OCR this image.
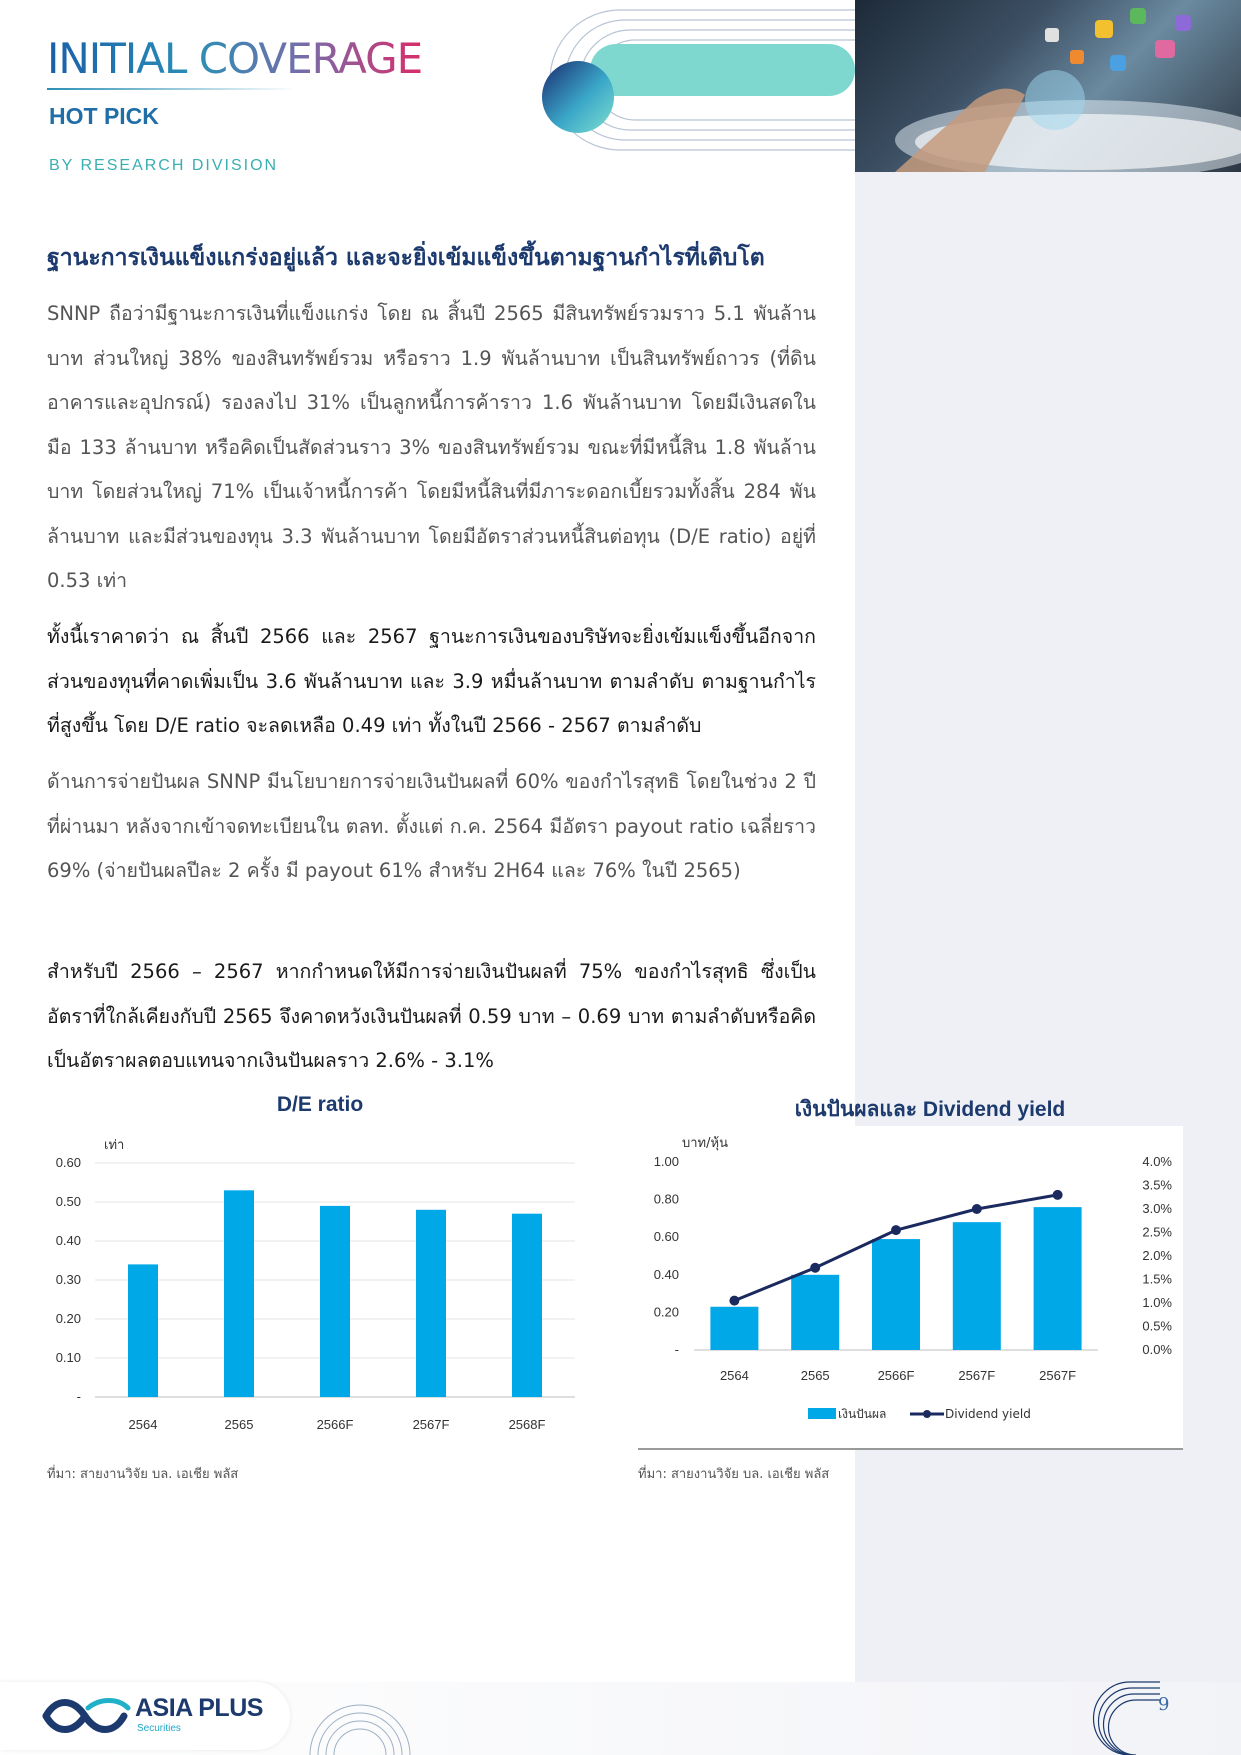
INITIAL COVERAGE
HOT PICK
BY RESEARCH DIVISION
ฐานะการเงินแข็งแกร่งอยู่แล้ว และจะยิ่งเข้มแข็งขึ้นตามฐานกำไรที่เติบโต

SNNP ถือว่ามีฐานะการเงินที่แข็งแกร่ง โดย ณ สิ้นปี 2565 มีสินทรัพย์รวมราว 5.1 พันล้านบาท ส่วนใหญ่ 38% ของสินทรัพย์รวม หรือราว 1.9 พันล้านบาท เป็นสินทรัพย์ถาวร (ที่ดิน อาคารและอุปกรณ์) รองลงไป 31% เป็นลูกหนี้การค้าราว 1.6 พันล้านบาท โดยมีเงินสดในมือ 133 ล้านบาท หรือคิดเป็นสัดส่วนราว 3% ของสินทรัพย์รวม ขณะที่มีหนี้สิน 1.8 พันล้านบาท โดยส่วนใหญ่ 71% เป็นเจ้าหนี้การค้า โดยมีหนี้สินที่มีภาระดอกเบี้ยรวมทั้งสิ้น 284 พันล้านบาท และมีส่วนของทุน 3.3 พันล้านบาท โดยมีอัตราส่วนหนี้สินต่อทุน (D/E ratio) อยู่ที่ 0.53 เท่า

ทั้งนี้เราคาดว่า ณ สิ้นปี 2566 และ 2567 ฐานะการเงินของบริษัทจะยิ่งเข้มแข็งขึ้นอีกจากส่วนของทุนที่คาดเพิ่มเป็น 3.6 พันล้านบาท และ 3.9 หมื่นล้านบาท ตามลำดับ ตามฐานกำไรที่สูงขึ้น โดย D/E ratio จะลดเหลือ 0.49 เท่า ทั้งในปี 2566 - 2567 ตามลำดับ

ด้านการจ่ายปันผล SNNP มีนโยบายการจ่ายเงินปันผลที่ 60% ของกำไรสุทธิ โดยในช่วง 2 ปีที่ผ่านมา หลังจากเข้าจดทะเบียนใน ตลท. ตั้งแต่ ก.ค. 2564 มีอัตรา payout ratio เฉลี่ยราว 69% (จ่ายปันผลปีละ 2 ครั้ง มี payout 61% สำหรับ 2H64 และ 76% ในปี 2565)

สำหรับปี 2566 – 2567 หากกำหนดให้มีการจ่ายเงินปันผลที่ 75% ของกำไรสุทธิ ซึ่งเป็นอัตราที่ใกล้เคียงกับปี 2565 จึงคาดหวังเงินปันผลที่ 0.59 บาท – 0.69 บาท ตามลำดับหรือคิดเป็นอัตราผลตอบแทนจากเงินปันผลราว 2.6% - 3.1%

D/E ratio
เท่า
-
0.10
0.20
0.30
0.40
0.50
0.60
2564	2565	2566F	2567F	2568F
ที่มา: สายงานวิจัย บล. เอเชีย พลัส
เงินปันผลและ Dividend yield
บาท/หุ้น
-
0.20
0.40
0.60
0.80
1.00
0.0%
0.5%
1.0%
1.5%
2.0%
2.5%
3.0%
3.5%
4.0%
2564	2565	2566F	2567F	2567F
เงินปันผล	Dividend yield
ที่มา: สายงานวิจัย บล. เอเชีย พลัส
ASIA PLUS
Securities
9
